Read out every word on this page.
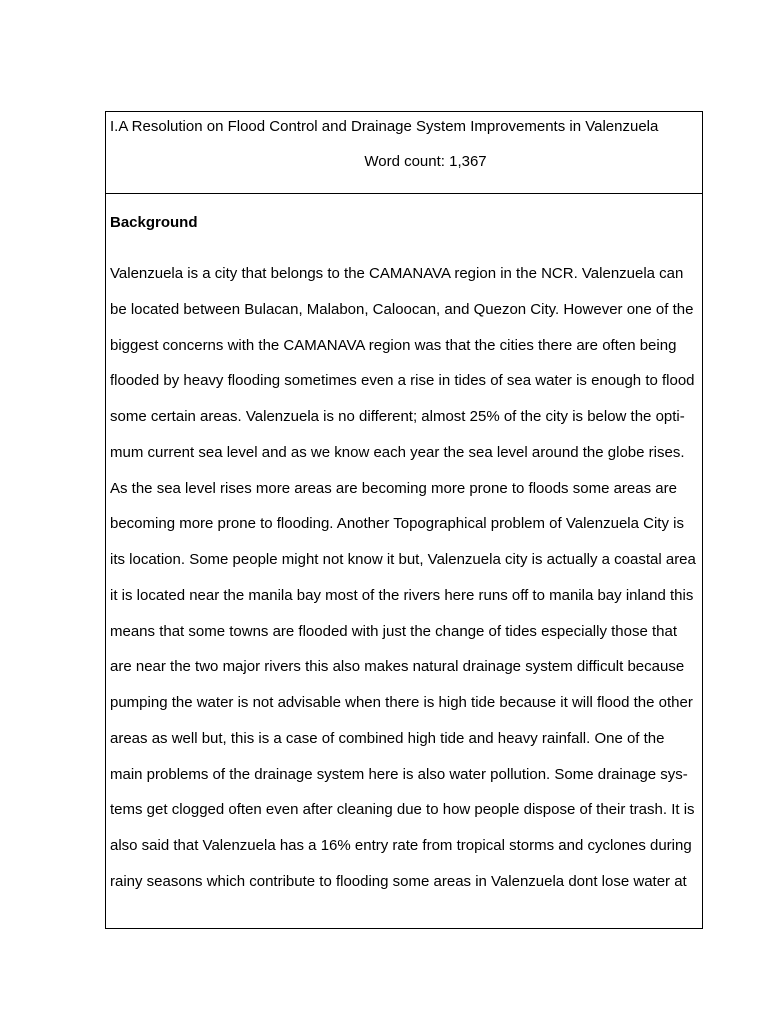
I.A Resolution on Flood Control and Drainage System Improvements in Valenzuela
Word count: 1,367
Background
Valenzuela is a city that belongs to the CAMANAVA region in the NCR. Valenzuela can
be located between Bulacan, Malabon, Caloocan, and Quezon City. However one of the
biggest concerns with the CAMANAVA region was that the cities there are often being
flooded by heavy flooding sometimes even a rise in tides of sea water is enough to flood
some certain areas. Valenzuela is no different; almost 25% of the city is below the opti-
mum current sea level and as we know each year the sea level around the globe rises.
As the sea level rises more areas are becoming more prone to floods some areas are
becoming more prone to flooding. Another Topographical problem of Valenzuela City is
its location. Some people might not know it but, Valenzuela city is actually a coastal area
it is located near the manila bay most of the rivers here runs off to manila bay inland this
means that some towns are flooded with just the change of tides especially those that
are near the two major rivers this also makes natural drainage system difficult because
pumping the water is not advisable when there is high tide because it will flood the other
areas as well but, this is a case of combined high tide and heavy rainfall. One of the
main problems of the drainage system here is also water pollution. Some drainage sys-
tems get clogged often even after cleaning due to how people dispose of their trash. It is
also said that Valenzuela has a 16% entry rate from tropical storms and cyclones during
rainy seasons which contribute to flooding some areas in Valenzuela dont lose water at
